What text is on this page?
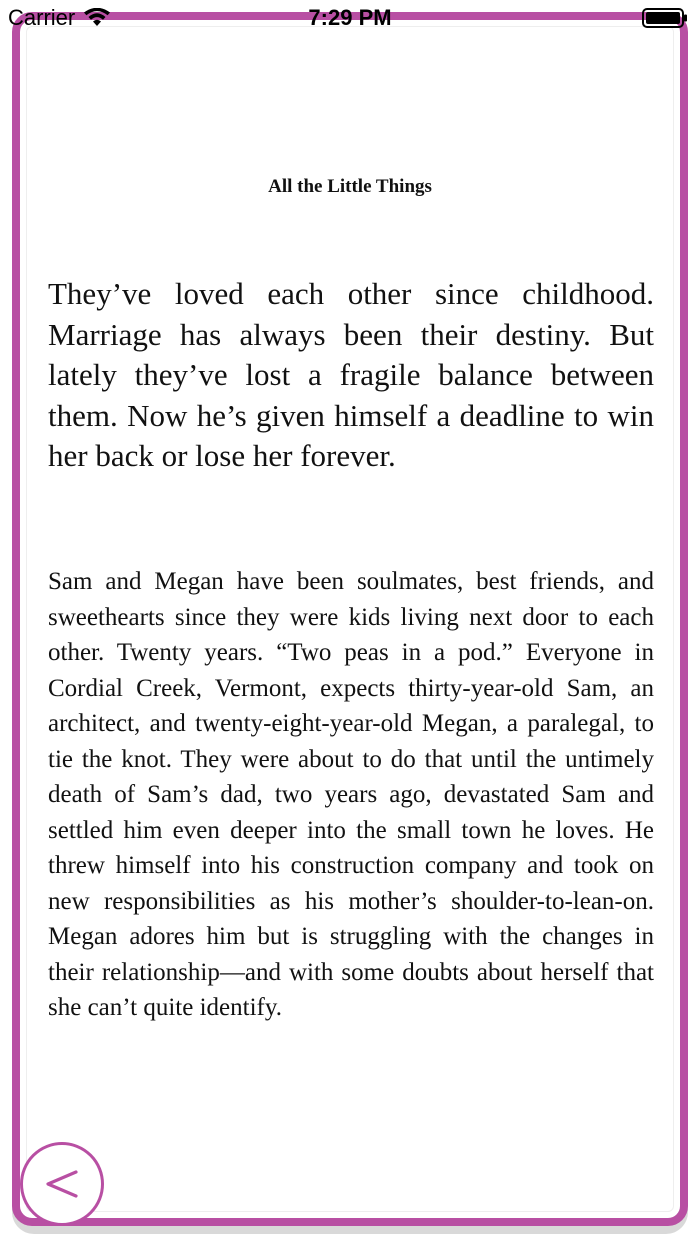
Carrier	7:29 PM
All the Little Things

They’ve loved each other since childhood. Marriage has always been their destiny. But lately they’ve lost a fragile balance between them. Now he’s given himself a deadline to win her back or lose her forever.

Sam and Megan have been soulmates, best friends, and sweethearts since they were kids living next door to each other. Twenty years. “Two peas in a pod.” Everyone in Cordial Creek, Vermont, expects thirty-year-old Sam, an architect, and twenty-eight-year-old Megan, a paralegal, to tie the knot. They were about to do that until the untimely death of Sam’s dad, two years ago, devastated Sam and settled him even deeper into the small town he loves. He threw himself into his construction company and took on new responsibilities as his mother’s shoulder-to-lean-on. Megan adores him but is struggling with the changes in their relationship—and with some doubts about herself that she can’t quite identify.
